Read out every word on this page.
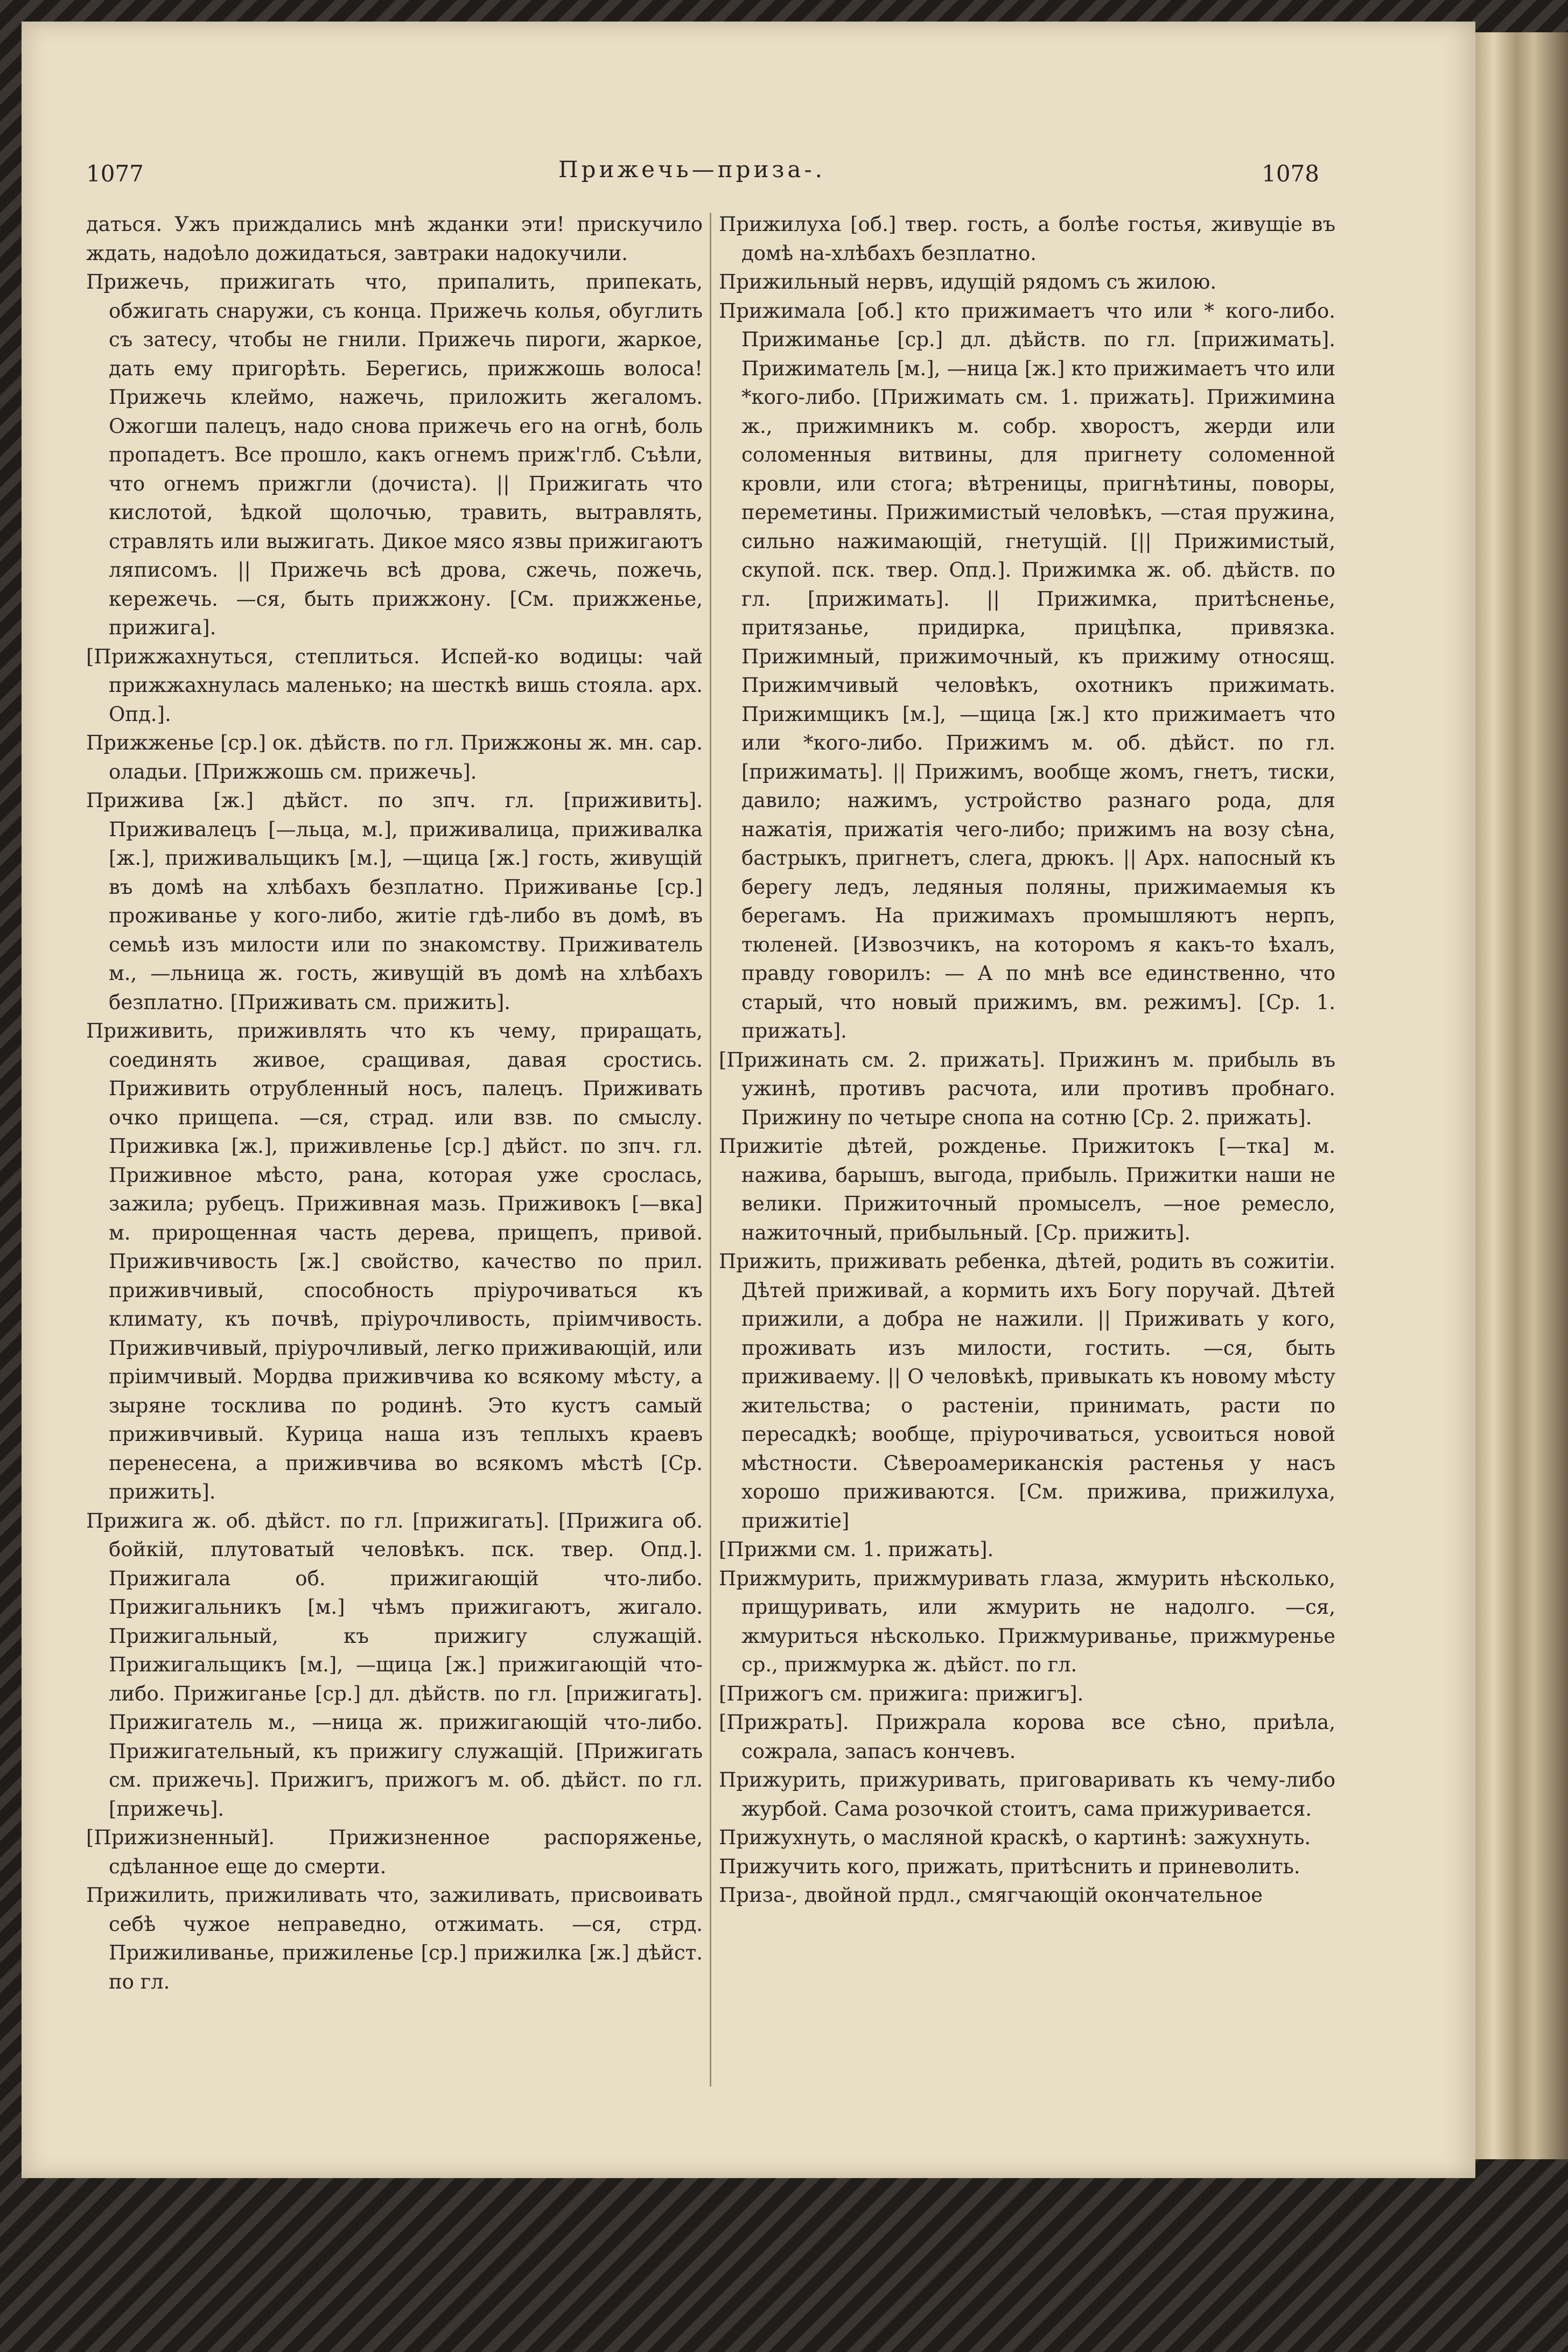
1077	Прижечь—приза-.	1078

даться. Ужъ приждались мнѣ жданки эти! прискучило ждать, надоѣло дожидаться, завтраки надокучили.

Прижечь, прижигать что, припалить, припекать, обжигать снаружи, съ конца. Прижечь колья, обуглить съ затесу, чтобы не гнили. Прижечь пироги, жаркое, дать ему пригорѣть. Берегись, прижжошь волоса! Прижечь клеймо, нажечь, приложить жегаломъ. Ожогши палецъ, надо снова прижечь его на огнѣ, боль пропадетъ. Все прошло, какъ огнемъ приж'глб. Съѣли, что огнемъ прижгли (дочиста). || Прижигать что кислотой, ѣдкой щолочью, травить, вытравлять, стравлять или выжигать. Дикое мясо язвы прижигаютъ ляписомъ. || Прижечь всѣ дрова, сжечь, пожечь, кережечь. —ся, быть прижжону. [См. прижженье, прижига].

[Прижжахнуться, степлиться. Испей-ко водицы: чай прижжахнулась маленько; на шесткѣ вишь стояла. арх. Опд.].

Прижженье [ср.] ок. дѣйств. по гл. Прижжоны ж. мн. сар. оладьи. [Прижжошь см. прижечь].

Прижива [ж.] дѣйст. по зпч. гл. [приживить]. Приживалецъ [—льца, м.], приживалица, приживалка [ж.], приживальщикъ [м.], —щица [ж.] гость, живущій въ домѣ на хлѣбахъ безплатно. Приживанье [ср.] проживанье у кого-либо, житіе гдѣ-либо въ домѣ, въ семьѣ изъ милости или по знакомству. Приживатель м., —льница ж. гость, живущій въ домѣ на хлѣбахъ безплатно. [Приживать см. прижить].

Приживить, приживлять что къ чему, приращать, соединять живое, сращивая, давая сростись. Приживить отрубленный носъ, палецъ. Приживать очко прищепа. —ся, страд. или взв. по смыслу. Приживка [ж.], приживленье [ср.] дѣйст. по зпч. гл. Приживное мѣсто, рана, которая уже срослась, зажила; рубецъ. Приживная мазь. Приживокъ [—вка] м. прирощенная часть дерева, прищепъ, привой. Приживчивость [ж.] свойство, качество по прил. приживчивый, способность пріурочиваться къ климату, къ почвѣ, пріурочливость, пріимчивость. Приживчивый, пріурочливый, легко приживающій, или пріимчивый. Мордва приживчива ко всякому мѣсту, а зыряне тосклива по родинѣ. Это кустъ самый приживчивый. Курица наша изъ теплыхъ краевъ перенесена, а приживчива во всякомъ мѣстѣ [Ср. прижить].

Прижига ж. об. дѣйст. по гл. [прижигать]. [Прижига об. бойкій, плутоватый человѣкъ. пск. твер. Опд.]. Прижигала об. прижигающій что-либо. Прижигальникъ [м.] чѣмъ прижигаютъ, жигало. Прижигальный, къ прижигу служащій. Прижигальщикъ [м.], —щица [ж.] прижигающій что-либо. Прижиганье [ср.] дл. дѣйств. по гл. [прижигать]. Прижигатель м., —ница ж. прижигающій что-либо. Прижигательный, къ прижигу служащій. [Прижигать см. прижечь]. Прижигъ, прижогъ м. об. дѣйст. по гл. [прижечь].

[Прижизненный]. Прижизненное распоряженье, сдѣланное еще до смерти.

Прижилить, прижиливать что, зажиливать, присвоивать себѣ чужое неправедно, отжимать. —ся, стрд. Прижиливанье, прижиленье [ср.] прижилка [ж.] дѣйст. по гл.

Прижилуха [об.] твер. гость, а болѣе гостья, живущіе въ домѣ на-хлѣбахъ безплатно.

Прижильный нервъ, идущій рядомъ съ жилою.

Прижимала [об.] кто прижимаетъ что или * кого-либо. Прижиманье [ср.] дл. дѣйств. по гл. [прижимать]. Прижиматель [м.], —ница [ж.] кто прижимаетъ что или *кого-либо. [Прижимать см. 1. прижать]. Прижимина ж., прижимникъ м. собр. хворостъ, жерди или соломенныя витвины, для пригнету соломенной кровли, или стога; вѣтреницы, пригнѣтины, поворы, переметины. Прижимистый человѣкъ, —стая пружина, сильно нажимающій, гнетущій. [|| Прижимистый, скупой. пск. твер. Опд.]. Прижимка ж. об. дѣйств. по гл. [прижимать]. || Прижимка, притѣсненье, притязанье, придирка, прицѣпка, привязка. Прижимный, прижимочный, къ прижиму относящ. Прижимчивый человѣкъ, охотникъ прижимать. Прижимщикъ [м.], —щица [ж.] кто прижимаетъ что или *кого-либо. Прижимъ м. об. дѣйст. по гл. [прижимать]. || Прижимъ, вообще жомъ, гнетъ, тиски, давило; нажимъ, устройство разнаго рода, для нажатія, прижатія чего-либо; прижимъ на возу сѣна, бастрыкъ, пригнетъ, слега, дрюкъ. || Арх. напосный къ берегу ледъ, ледяныя поляны, прижимаемыя къ берегамъ. На прижимахъ промышляютъ нерпъ, тюленей. [Извозчикъ, на которомъ я какъ-то ѣхалъ, правду говорилъ: — А по мнѣ все единственно, что старый, что новый прижимъ, вм. режимъ]. [Ср. 1. прижать].

[Прижинать см. 2. прижать]. Прижинъ м. прибыль въ ужинѣ, противъ расчота, или противъ пробнаго. Прижину по четыре снопа на сотню [Ср. 2. прижать].

Прижитіе дѣтей, рожденье. Прижитокъ [—тка] м. нажива, барышъ, выгода, прибыль. Прижитки наши не велики. Прижиточный промыселъ, —ное ремесло, нажиточный, прибыльный. [Ср. прижить].

Прижить, приживать ребенка, дѣтей, родить въ сожитіи. Дѣтей приживай, а кормить ихъ Богу поручай. Дѣтей прижили, а добра не нажили. || Приживать у кого, проживать изъ милости, гостить. —ся, быть приживаему. || О человѣкѣ, привыкать къ новому мѣсту жительства; о растеніи, принимать, расти по пересадкѣ; вообще, пріурочиваться, усвоиться новой мѣстности. Сѣвероамериканскія растенья у насъ хорошо приживаются. [См. прижива, прижилуха, прижитіе]

[Прижми см. 1. прижать].

Прижмурить, прижмуривать глаза, жмурить нѣсколько, прищуривать, или жмурить не надолго. —ся, жмуриться нѣсколько. Прижмуриванье, прижмуренье ср., прижмурка ж. дѣйст. по гл.

[Прижогъ см. прижига: прижигъ].

[Прижрать]. Прижрала корова все сѣно, приѣла, сожрала, запасъ кончевъ.

Прижурить, прижуривать, приговаривать къ чему-либо журбой. Сама розочкой стоитъ, сама прижуривается.

Прижухнуть, о масляной краскѣ, о картинѣ: зажухнуть.

Прижучить кого, прижать, притѣснить и приневолить.

Приза-, двойной прдл., смягчающій окончательное
